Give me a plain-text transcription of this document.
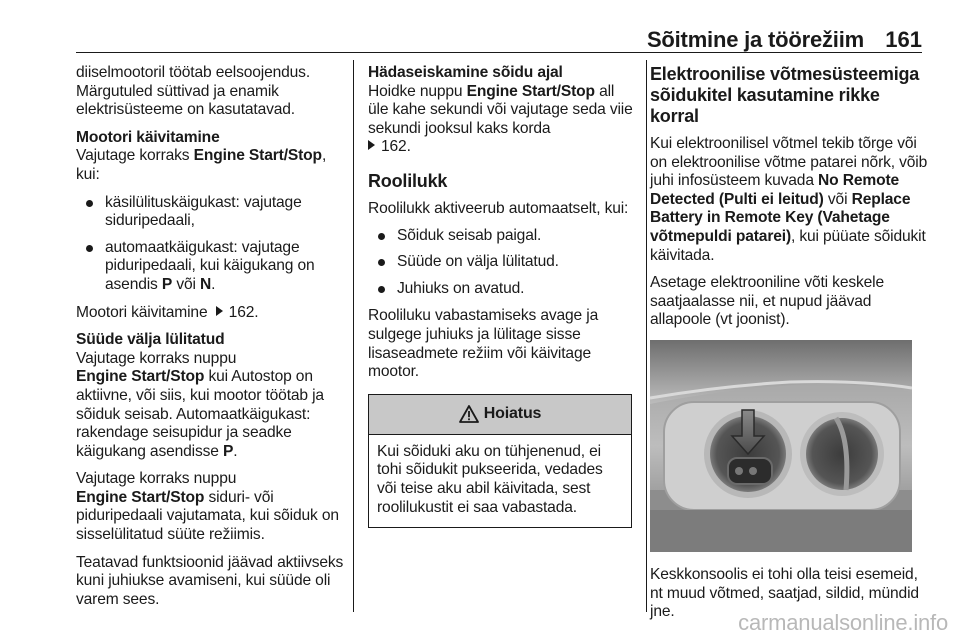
Sõitmine ja töörežiim 161

diiselmootoril töötab eelsoojendus. Märgutuled süttivad ja enamik elektrisüsteeme on kasutatavad.

Mootori käivitamine

Vajutage korraks Engine Start/Stop, kui:

käsilülituskäigukast: vajutage siduripedaali,
automaatkäigukast: vajutage piduripedaali, kui käigukang on asendis P või N.

Mootori käivitamine 162.

Süüde välja lülitatud

Vajutage korraks nuppu
Engine Start/Stop kui Autostop on aktiivne, või siis, kui mootor töötab ja sõiduk seisab. Automaatkäigukast: rakendage seisupidur ja seadke käigukang asendisse P.

Vajutage korraks nuppu
Engine Start/Stop siduri- või piduripedaali vajutamata, kui sõiduk on sisselülitatud süüte režiimis.

Teatavad funktsioonid jäävad aktiivseks kuni juhiukse avamiseni, kui süüde oli varem sees.

Hädaseiskamine sõidu ajal

Hoidke nuppu Engine Start/Stop all üle kahe sekundi või vajutage seda viie sekundi jooksul kaks korda
162.

Roolilukk

Roolilukk aktiveerub automaatselt, kui:

Sõiduk seisab paigal.
Süüde on välja lülitatud.
Juhiuks on avatud.

Rooliluku vabastamiseks avage ja sulgege juhiuks ja lülitage sisse lisaseadmete režiim või käivitage mootor.

Hoiatus
Kui sõiduki aku on tühjenenud, ei tohi sõidukit pukseerida, vedades või teise aku abil käivitada, sest roolilukustit ei saa vabastada.
Elektroonilise võtmesüsteemiga sõidukitel kasutamine rikke korral

Kui elektroonilisel võtmel tekib tõrge või on elektroonilise võtme patarei nõrk, võib juhi infosüsteem kuvada No Remote Detected (Pulti ei leitud) või Replace Battery in Remote Key (Vahetage võtmepuldi patarei), kui püüate sõidukit käivitada.

Asetage elektrooniline võti keskele saatjaalasse nii, et nupud jäävad allapoole (vt joonist).

Keskkonsoolis ei tohi olla teisi esemeid, nt muud võtmed, saatjad, sildid, mündid jne.	carmanualsonline.info
